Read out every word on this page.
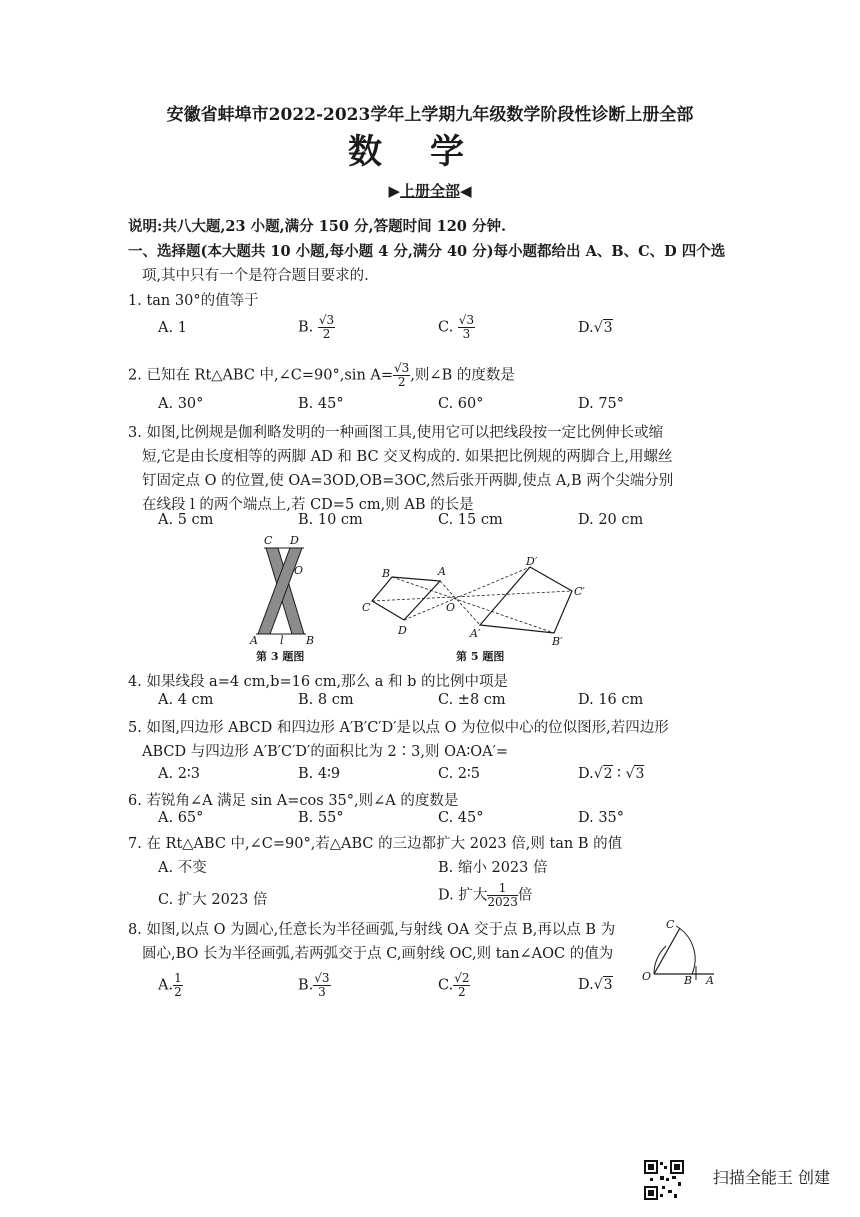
安徽省蚌埠市2022-2023学年上学期九年级数学阶段性诊断上册全部
数学
▶上册全部◀
说明:共八大题,23 小题,满分 150 分,答题时间 120 分钟.
一、选择题(本大题共 10 小题,每小题 4 分,满分 40 分)每小题都给出 A、B、C、D 四个选
项,其中只有一个是符合题目要求的.
1. tan 30°的值等于
A. 1	B. $\frac{√3}{2}$	C. $\frac{√3}{3}$	D.√3
2. 已知在 Rt△ABC 中,∠C=90°,sin $A= \frac{√3}{2}$ ,则∠B 的度数是
A. 30°	B. 45°	C. 60°	D. 75°
3. 如图,比例规是伽利略发明的一种画图工具,使用它可以把线段按一定比例伸长或缩
短,它是由长度相等的两脚 AD 和 BC 交叉构成的. 如果把比例规的两脚合上,用螺丝
钉固定点 O 的位置,使 OA=3OD,OB=3OC,然后张开两脚,使点 A,B 两个尖端分别
在线段 l 的两个端点上,若 CD=5 cm,则 AB 的长是
A. 5 cm	B. 10 cm	C. 15 cm	D. 20 cm
C D
O
A l B
第 3 题图
B	A
C
D
O
D′
C′
A′
B′
第 5 题图
4. 如果线段 a=4 cm,b=16 cm,那么 a 和 b 的比例中项是
A. 4 cm	B. 8 cm	C. ±8 cm	D. 16 cm
5. 如图,四边形 ABCD 和四边形 A′B′C′D′是以点 O 为位似中心的位似图形,若四边形
ABCD 与四边形 A′B′C′D′的面积比为 2∶3,则 OA∶OA′=
A. 2∶3	B. 4∶9	C. 2∶5	D.√2 ∶ √3
6. 若锐角∠A 满足 sin A=cos 35°,则∠A 的度数是
A. 65°	B. 55°	C. 45°	D. 35°
7. 在 Rt△ABC 中,∠C=90°,若△ABC 的三边都扩大 2023 倍,则 tan B 的值
A. 不变	B. 缩小 2023 倍
C. 扩大 2023 倍	D. 扩大 $\frac{1}{2023}$ 倍
8. 如图,以点 O 为圆心,任意长为半径画弧,与射线 OA 交于点 B,再以点 B 为
圆心,BO 长为半径画弧,若两弧交于点 C,画射线 OC,则 tan∠AOC 的值为
A. $\frac{1}{2}$	B. $\frac{√3}{3}$	C. $\frac{√2}{2}$	D.√3
C
O	B A
扫描全能王 创建
